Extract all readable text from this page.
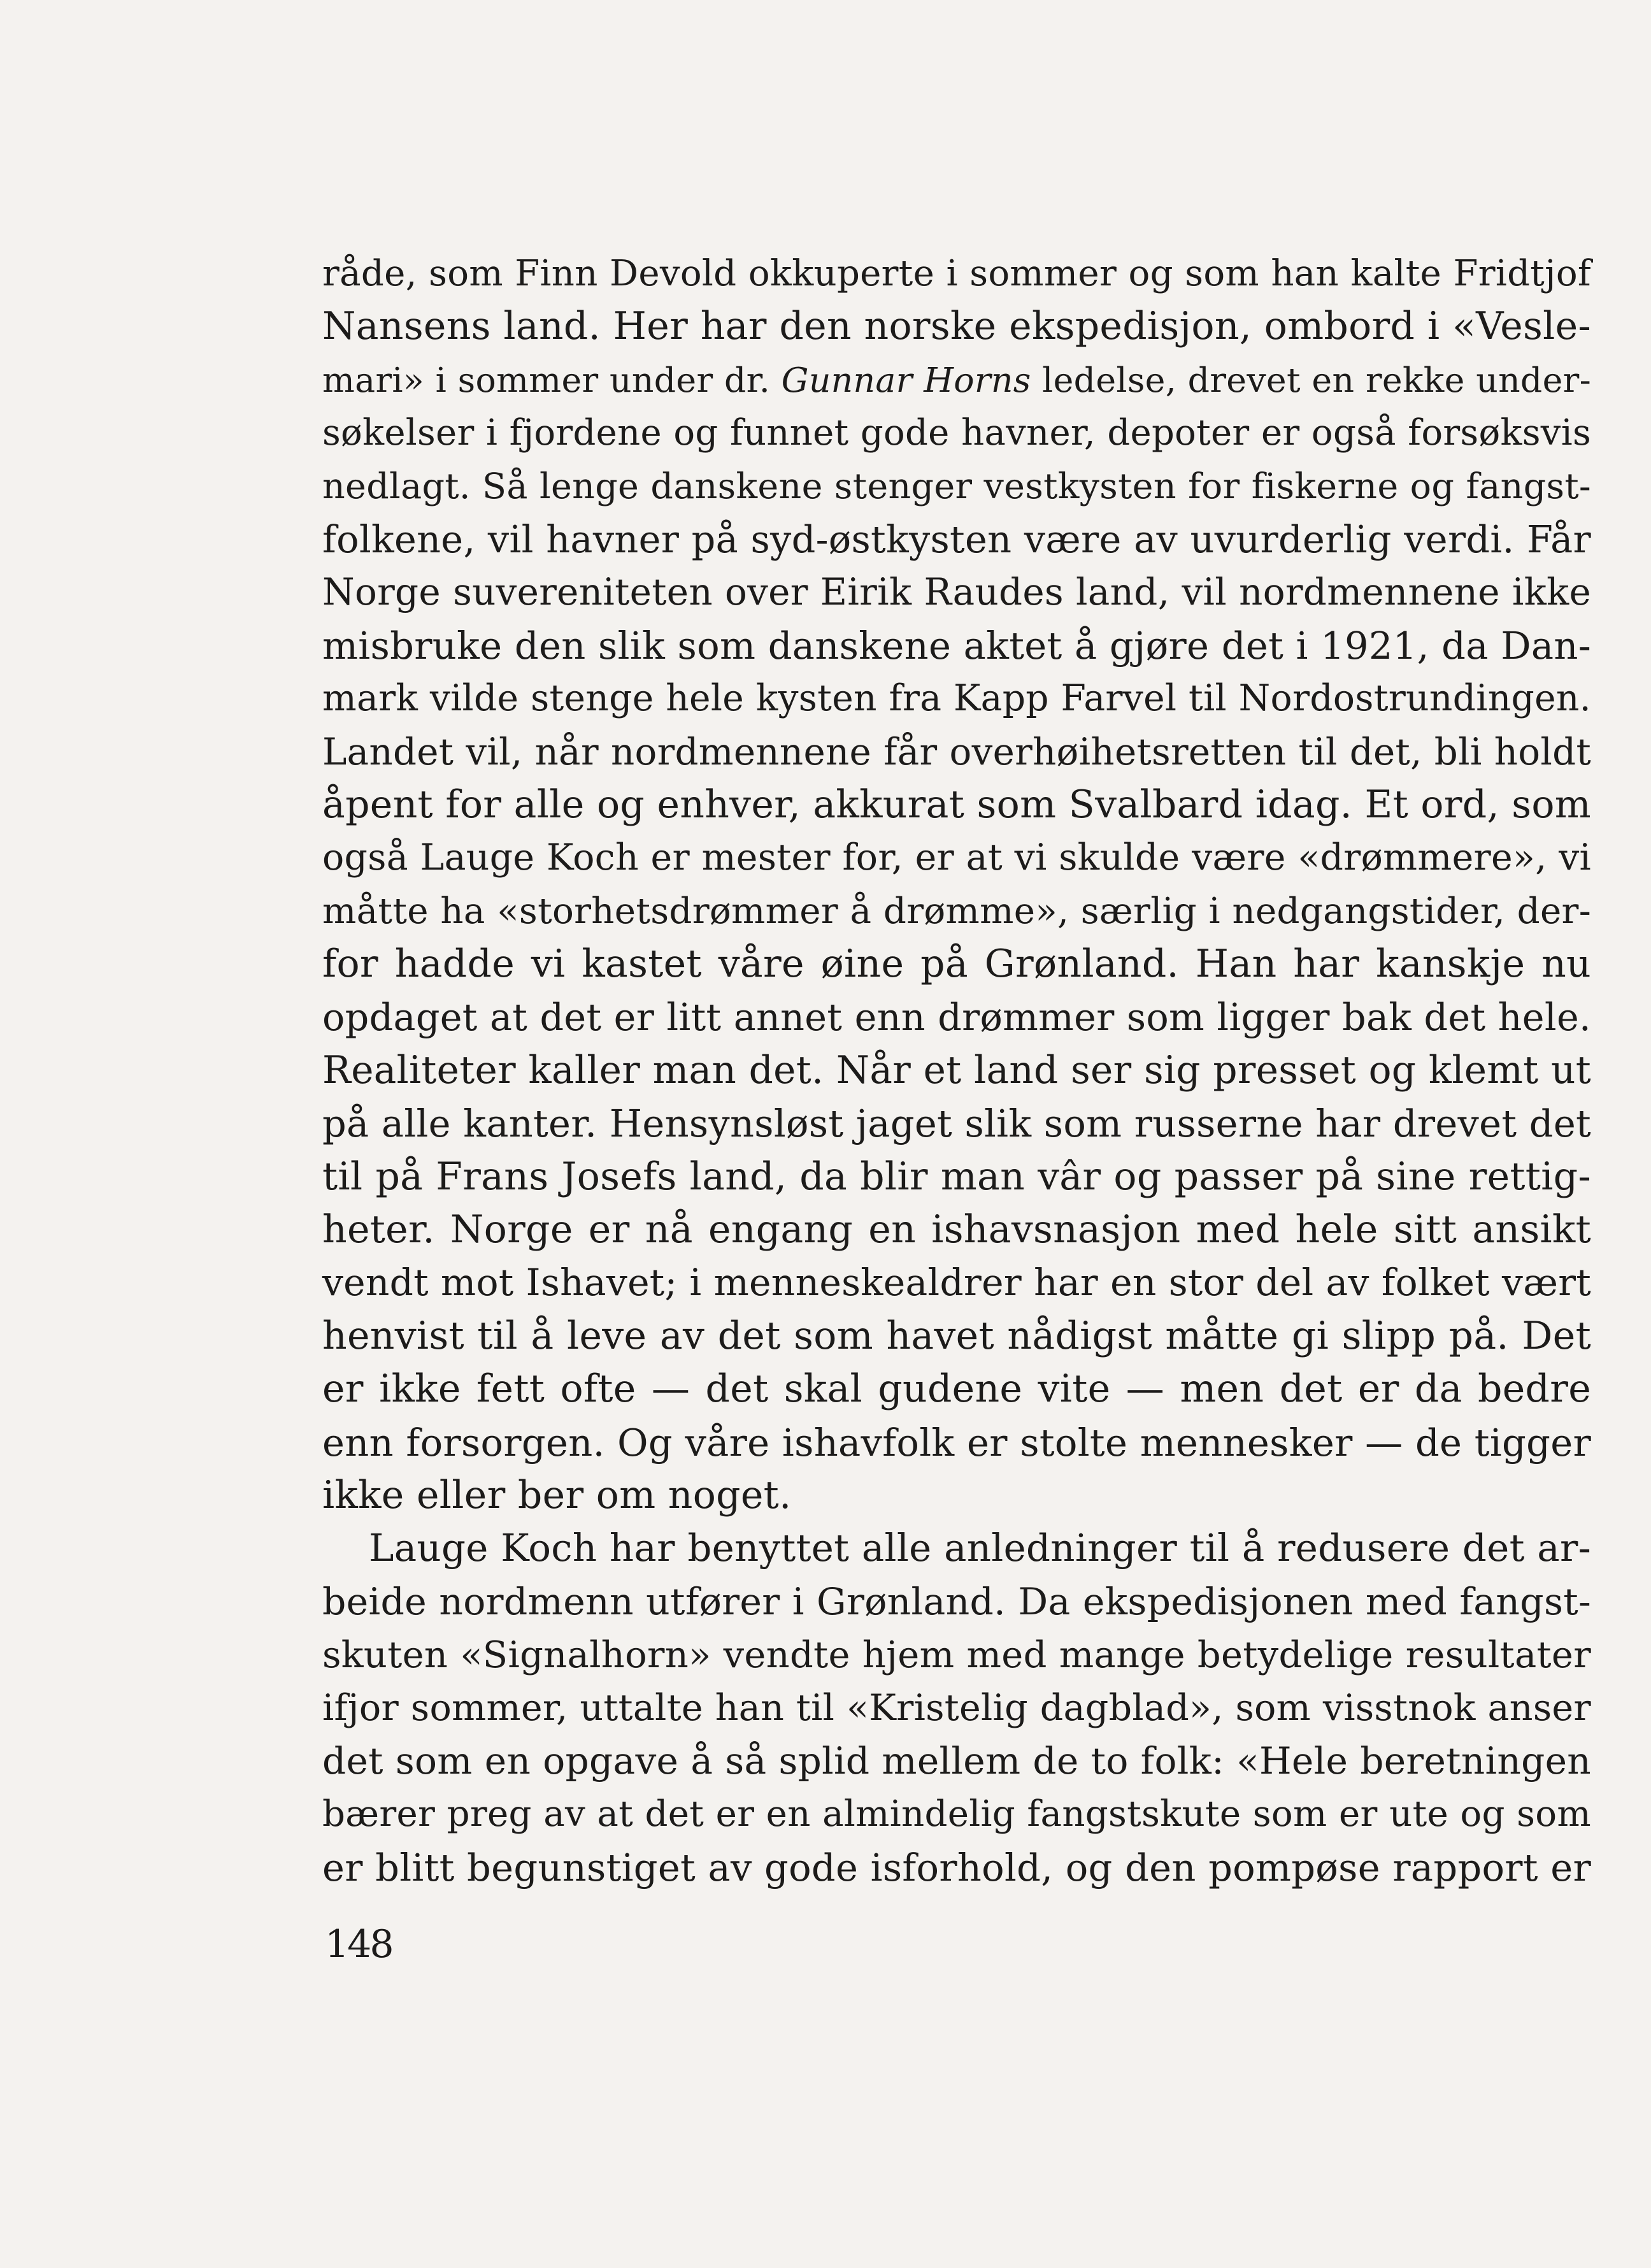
råde, som Finn Devold okkuperte i sommer og som han kalte Fridtjof
Nansens land. Her har den norske ekspedisjon, ombord i «Vesle-
mari» i sommer under dr. Gunnar Horns ledelse, drevet en rekke under-
søkelser i fjordene og funnet gode havner, depoter er også forsøksvis
nedlagt. Så lenge danskene stenger vestkysten for fiskerne og fangst-
folkene, vil havner på syd-østkysten være av uvurderlig verdi. Får
Norge suvereniteten over Eirik Raudes land, vil nordmennene ikke
misbruke den slik som danskene aktet å gjøre det i 1921, da Dan-
mark vilde stenge hele kysten fra Kapp Farvel til Nordostrundingen.
Landet vil, når nordmennene får overhøihetsretten til det, bli holdt
åpent for alle og enhver, akkurat som Svalbard idag. Et ord, som
også Lauge Koch er mester for, er at vi skulde være «drømmere», vi
måtte ha «storhetsdrømmer å drømme», særlig i nedgangstider, der-
for hadde vi kastet våre øine på Grønland. Han har kanskje nu
opdaget at det er litt annet enn drømmer som ligger bak det hele.
Realiteter kaller man det. Når et land ser sig presset og klemt ut
på alle kanter. Hensynsløst jaget slik som russerne har drevet det
til på Frans Josefs land, da blir man vâr og passer på sine rettig-
heter. Norge er nå engang en ishavsnasjon med hele sitt ansikt
vendt mot Ishavet; i menneskealdrer har en stor del av folket vært
henvist til å leve av det som havet nådigst måtte gi slipp på. Det
er ikke fett ofte — det skal gudene vite — men det er da bedre
enn forsorgen. Og våre ishavfolk er stolte mennesker — de tigger
ikke eller ber om noget.
Lauge Koch har benyttet alle anledninger til å redusere det ar-
beide nordmenn utfører i Grønland. Da ekspedisjonen med fangst-
skuten «Signalhorn» vendte hjem med mange betydelige resultater
ifjor sommer, uttalte han til «Kristelig dagblad», som visstnok anser
det som en opgave å så splid mellem de to folk: «Hele beretningen
bærer preg av at det er en almindelig fangstskute som er ute og som
er blitt begunstiget av gode isforhold, og den pompøse rapport er
148
